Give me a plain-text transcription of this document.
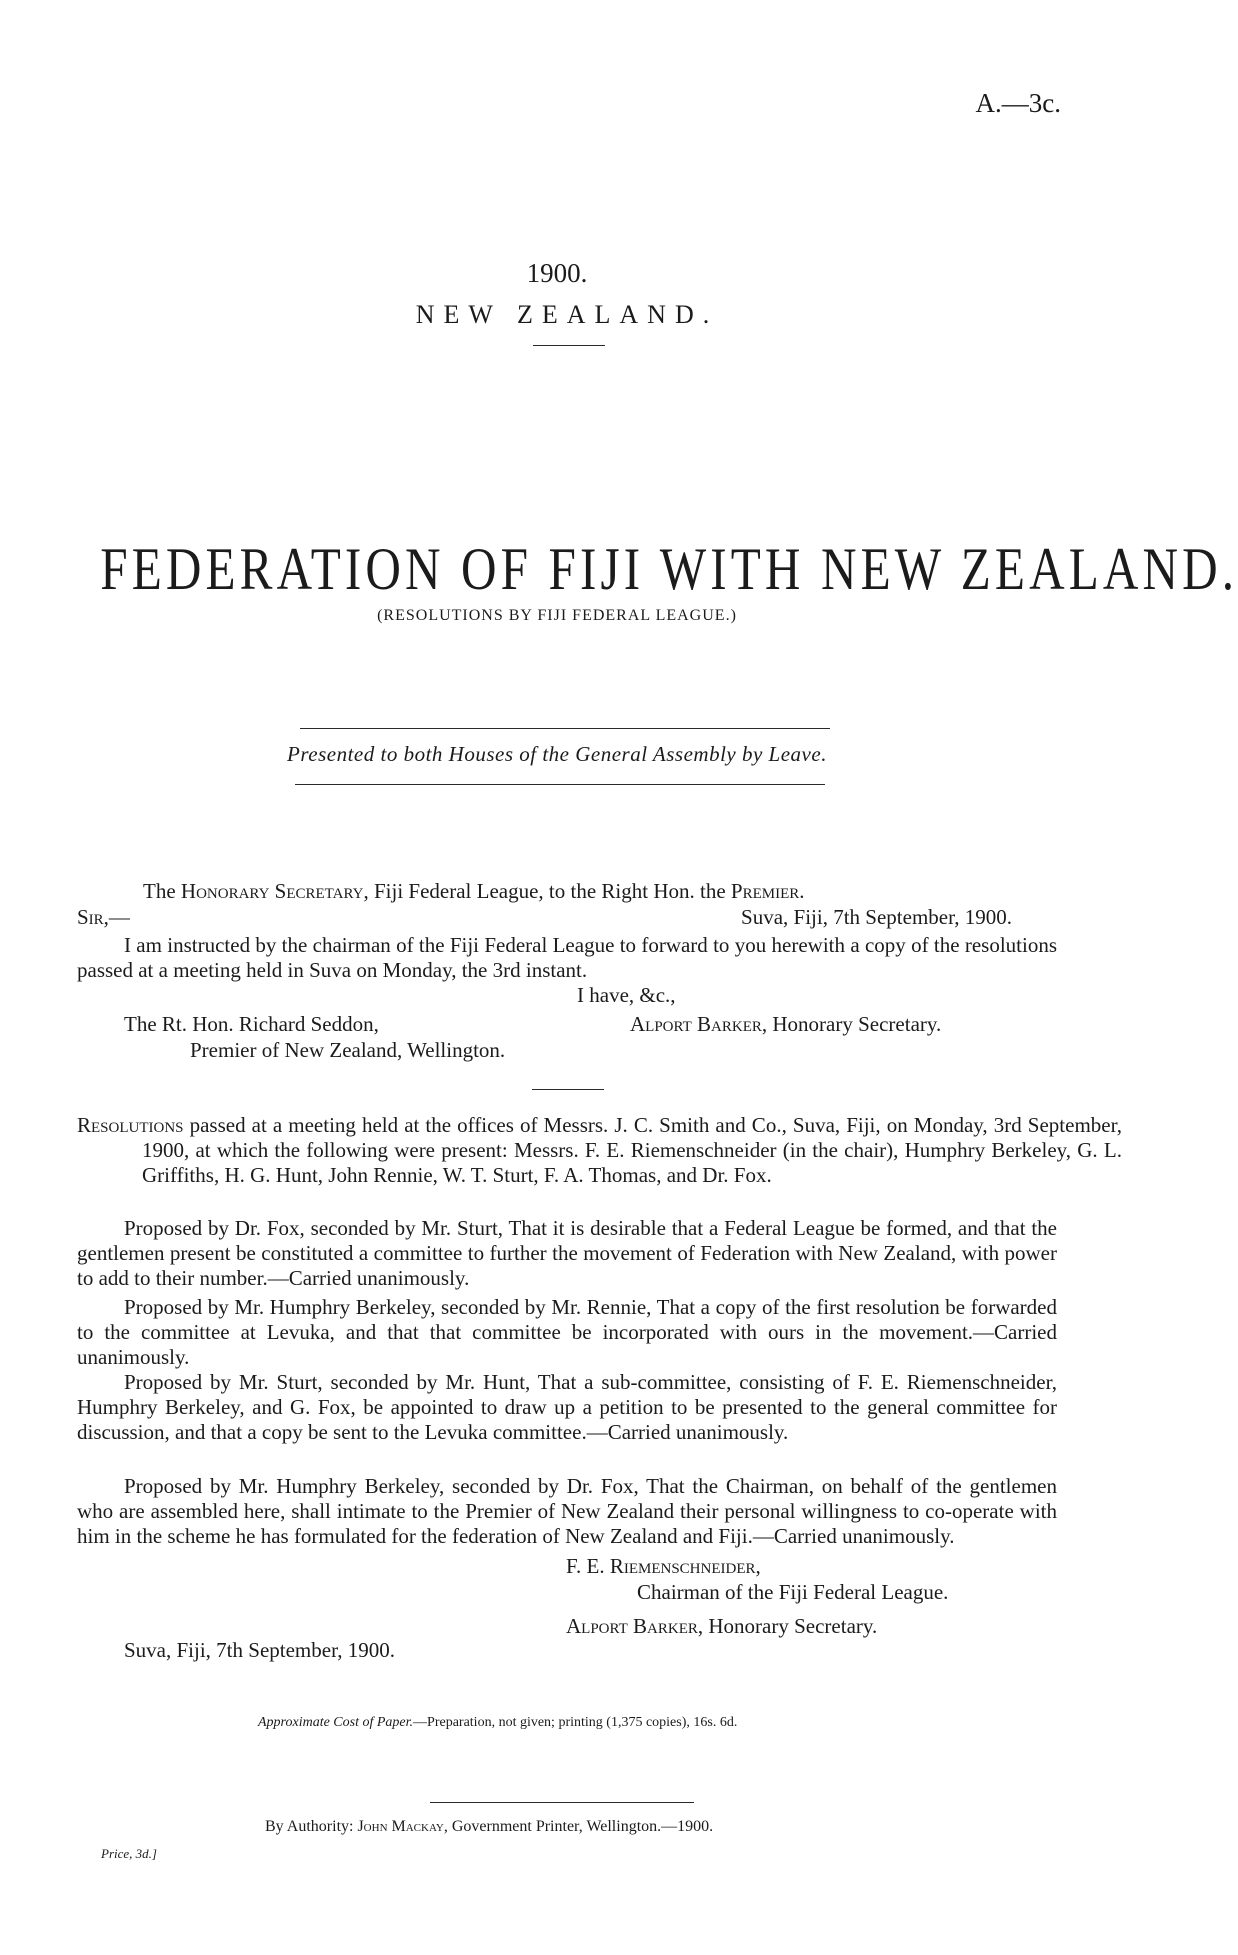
A.—3c.
1900.
NEW ZEALAND.
FEDERATION OF FIJI WITH NEW ZEALAND.
(RESOLUTIONS BY FIJI FEDERAL LEAGUE.)
Presented to both Houses of the General Assembly by Leave.
The Honorary Secretary, Fiji Federal League, to the Right Hon. the Premier.
Sir,—	Suva, Fiji, 7th September, 1900.

I am instructed by the chairman of the Fiji Federal League to forward to you herewith a copy of the resolutions passed at a meeting held in Suva on Monday, the 3rd instant.

I have, &c.,
The Rt. Hon. Richard Seddon,
Premier of New Zealand, Wellington.
Alport Barker, Honorary Secretary.

Resolutions passed at a meeting held at the offices of Messrs. J. C. Smith and Co., Suva, Fiji, on Monday, 3rd September, 1900, at which the following were present: Messrs. F. E. Riemenschneider (in the chair), Humphry Berkeley, G. L. Griffiths, H. G. Hunt, John Rennie, W. T. Sturt, F. A. Thomas, and Dr. Fox.

Proposed by Dr. Fox, seconded by Mr. Sturt, That it is desirable that a Federal League be formed, and that the gentlemen present be constituted a committee to further the movement of Federation with New Zealand, with power to add to their number.—Carried unanimously.

Proposed by Mr. Humphry Berkeley, seconded by Mr. Rennie, That a copy of the first resolution be forwarded to the committee at Levuka, and that that committee be incorporated with ours in the movement.—Carried unanimously.

Proposed by Mr. Sturt, seconded by Mr. Hunt, That a sub-committee, consisting of F. E. Riemenschneider, Humphry Berkeley, and G. Fox, be appointed to draw up a petition to be presented to the general committee for discussion, and that a copy be sent to the Levuka committee.—Carried unanimously.

Proposed by Mr. Humphry Berkeley, seconded by Dr. Fox, That the Chairman, on behalf of the gentlemen who are assembled here, shall intimate to the Premier of New Zealand their personal willingness to co-operate with him in the scheme he has formulated for the federation of New Zealand and Fiji.—Carried unanimously.

F. E. Riemenschneider,
Chairman of the Fiji Federal League.
Alport Barker, Honorary Secretary.
Suva, Fiji, 7th September, 1900.
Approximate Cost of Paper.—Preparation, not given; printing (1,375 copies), 16s. 6d.
By Authority: John Mackay, Government Printer, Wellington.—1900.
Price, 3d.]
